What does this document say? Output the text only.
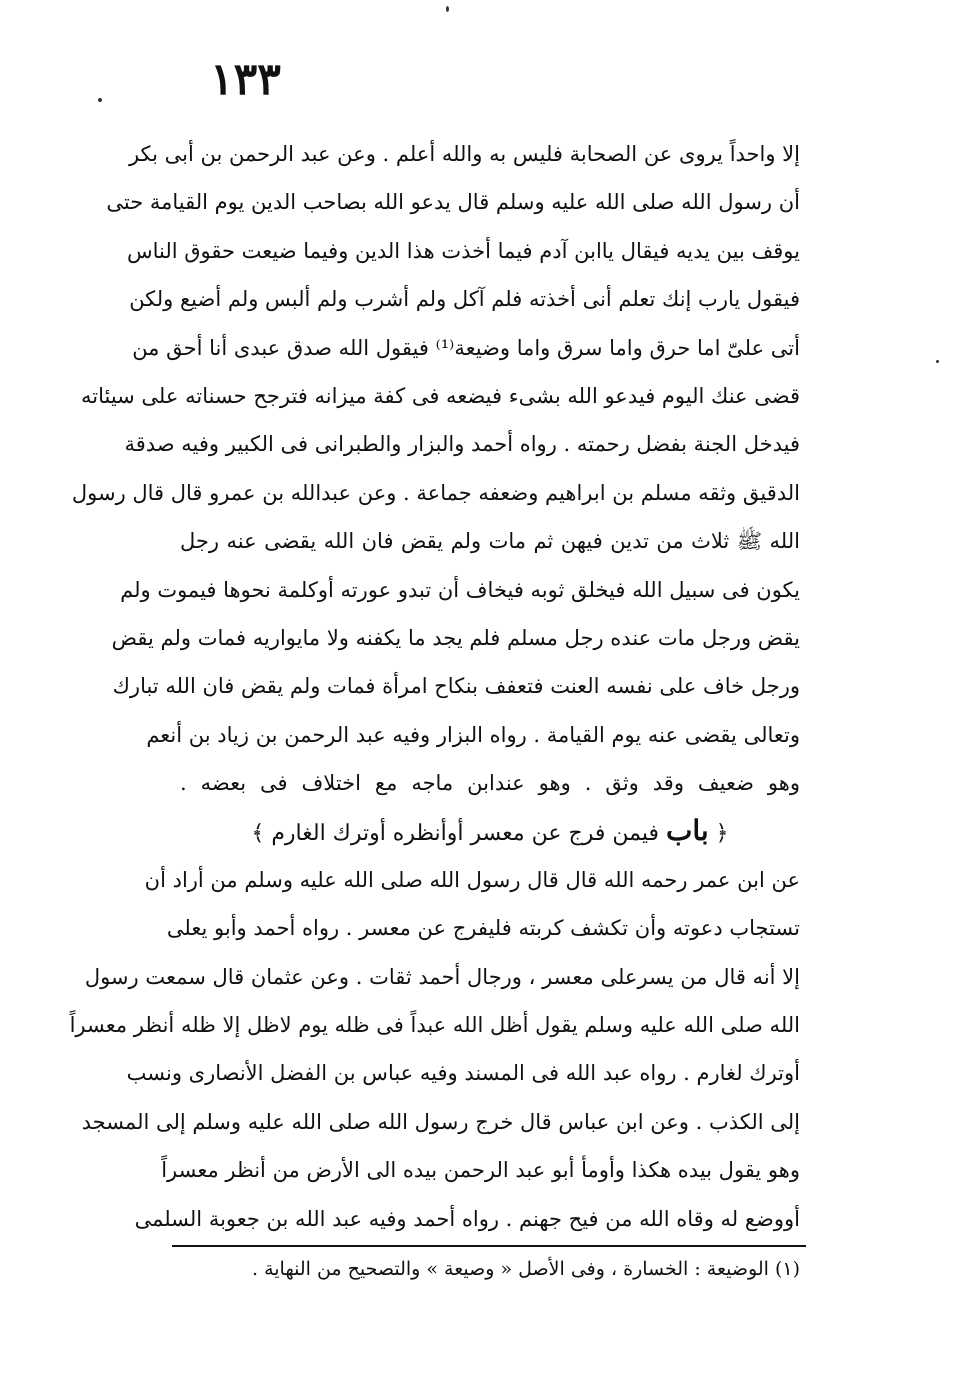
١٣٣
إلا واحداً يروى عن الصحابة فليس به والله أعلم . وعن عبد الرحمن بن أبى بكر
أن رسول الله صلى الله عليه وسلم قال يدعو الله بصاحب الدين يوم القيامة حتى
يوقف بين يديه فيقال ياابن آدم فيما أخذت هذا الدين وفيما ضيعت حقوق الناس
فيقول يارب إنك تعلم أنى أخذته فلم آكل ولم أشرب ولم ألبس ولم أضيع ولكن
أتى علىّ اما حرق واما سرق واما وضيعة⁽¹⁾ فيقول الله صدق عبدى أنا أحق من
قضى عنك اليوم فيدعو الله بشىء فيضعه فى كفة ميزانه فترجح حسناته على سيئاته
فيدخل الجنة بفضل رحمته . رواه أحمد والبزار والطبرانى فى الكبير وفيه صدقة
الدقيق وثقه مسلم بن ابراهيم وضعفه جماعة . وعن عبدالله بن عمرو قال قال رسول
الله ﷺ ثلاث من تدين فيهن ثم مات ولم يقض فان الله يقضى عنه رجل
يكون فى سبيل الله فيخلق ثوبه فيخاف أن تبدو عورته أوكلمة نحوها فيموت ولم
يقض ورجل مات عنده رجل مسلم فلم يجد ما يكفنه ولا مايواريه فمات ولم يقض
ورجل خاف على نفسه العنت فتعفف بنكاح امرأة فمات ولم يقض فان الله تبارك
وتعالى يقضى عنه يوم القيامة . رواه البزار وفيه عبد الرحمن بن زياد بن أنعم
وهو ضعيف وقد وثق . وهو عندابن ماجه مع اختلاف فى بعضه .
﴿ باب فيمن فرج عن معسر أوأنظره أوترك الغارم ﴾
عن ابن عمر رحمه الله قال قال رسول الله صلى الله عليه وسلم من أراد أن
تستجاب دعوته وأن تكشف كربته فليفرج عن معسر . رواه أحمد وأبو يعلى
إلا أنه قال من يسرعلى معسر ، ورجال أحمد ثقات . وعن عثمان قال سمعت رسول
الله صلى الله عليه وسلم يقول أظل الله عبداً فى ظله يوم لاظل إلا ظله أنظر معسراً
أوترك لغارم . رواه عبد الله فى المسند وفيه عباس بن الفضل الأنصارى ونسب
إلى الكذب . وعن ابن عباس قال خرج رسول الله صلى الله عليه وسلم إلى المسجد
وهو يقول بيده هكذا وأومأ أبو عبد الرحمن بيده الى الأرض من أنظر معسراً
أووضع له وقاه الله من فيح جهنم . رواه أحمد وفيه عبد الله بن جعوبة السلمى
(١) الوضيعة : الخسارة ، وفى الأصل « وصيعة » والتصحيح من النهاية .
